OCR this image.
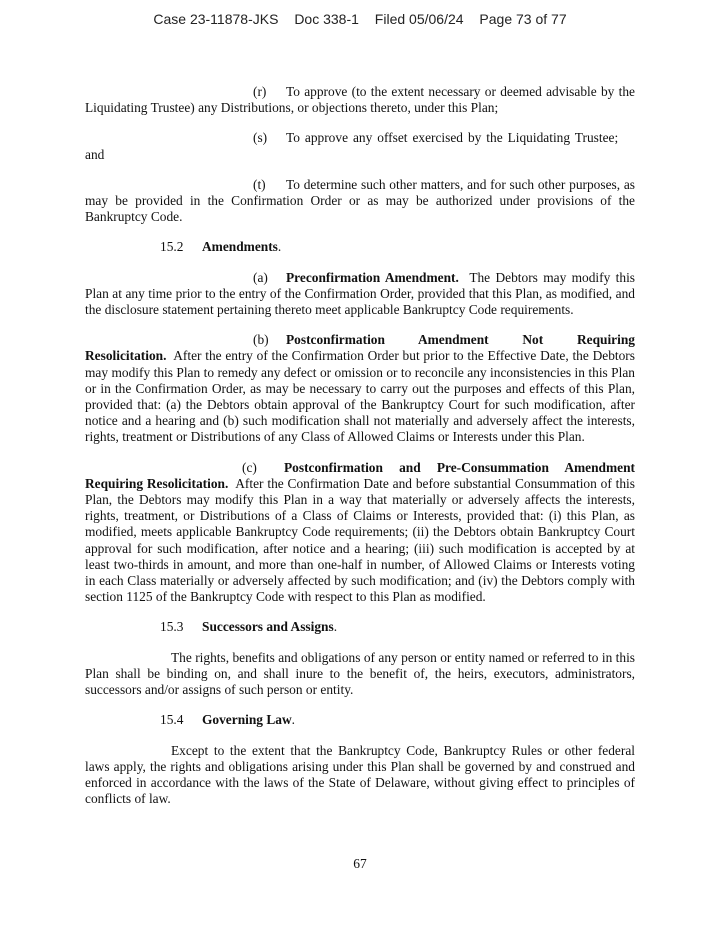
Case 23-11878-JKS Doc 338-1 Filed 05/06/24 Page 73 of 77

(r) To approve (to the extent necessary or deemed advisable by the Liquidating Trustee) any Distributions, or objections thereto, under this Plan;

(s) To approve any offset exercised by the Liquidating Trustee; and

(t) To determine such other matters, and for such other purposes, as may be provided in the Confirmation Order or as may be authorized under provisions of the Bankruptcy Code.

15.2 Amendments.

(a) Preconfirmation Amendment. The Debtors may modify this Plan at any time prior to the entry of the Confirmation Order, provided that this Plan, as modified, and the disclosure statement pertaining thereto meet applicable Bankruptcy Code requirements.

(b)	Postconfirmation Amendment Not Requiring

Resolicitation. After the entry of the Confirmation Order but prior to the Effective Date, the Debtors may modify this Plan to remedy any defect or omission or to reconcile any inconsistencies in this Plan or in the Confirmation Order, as may be necessary to carry out the purposes and effects of this Plan, provided that: (a) the Debtors obtain approval of the Bankruptcy Court for such modification, after notice and a hearing and (b) such modification shall not materially and adversely affect the interests, rights, treatment or Distributions of any Class of Allowed Claims or Interests under this Plan.

(c)	Postconfirmation and Pre-Consummation Amendment

Requiring Resolicitation. After the Confirmation Date and before substantial Consummation of this Plan, the Debtors may modify this Plan in a way that materially or adversely affects the interests, rights, treatment, or Distributions of a Class of Claims or Interests, provided that: (i) this Plan, as modified, meets applicable Bankruptcy Code requirements; (ii) the Debtors obtain Bankruptcy Court approval for such modification, after notice and a hearing; (iii) such modification is accepted by at least two-thirds in amount, and more than one-half in number, of Allowed Claims or Interests voting in each Class materially or adversely affected by such modification; and (iv) the Debtors comply with section 1125 of the Bankruptcy Code with respect to this Plan as modified.

15.3 Successors and Assigns.

The rights, benefits and obligations of any person or entity named or referred to in this Plan shall be binding on, and shall inure to the benefit of, the heirs, executors, administrators, successors and/or assigns of such person or entity.

15.4 Governing Law.

Except to the extent that the Bankruptcy Code, Bankruptcy Rules or other federal laws apply, the rights and obligations arising under this Plan shall be governed by and construed and enforced in accordance with the laws of the State of Delaware, without giving effect to principles of conflicts of law.

67
